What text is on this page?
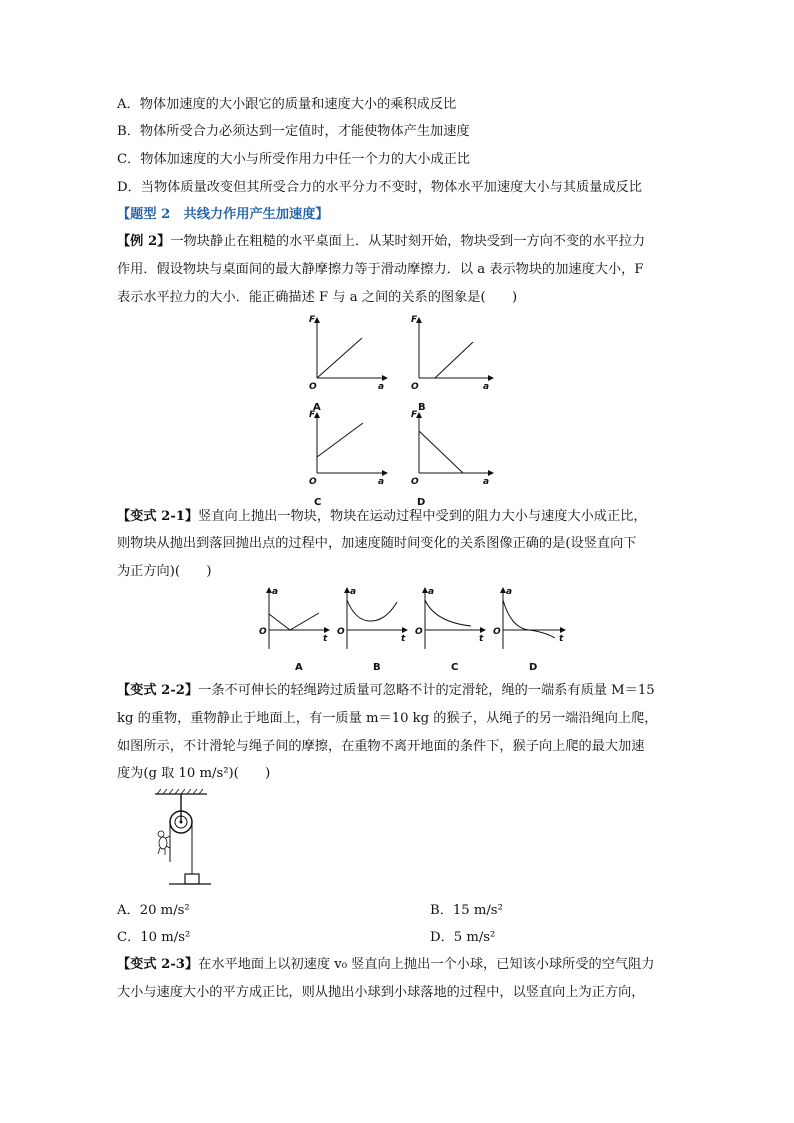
A．物体加速度的大小跟它的质量和速度大小的乘积成反比
B．物体所受合力必须达到一定值时，才能使物体产生加速度
C．物体加速度的大小与所受作用力中任一个力的大小成正比
D．当物体质量改变但其所受合力的水平分力不变时，物体水平加速度大小与其质量成反比
【题型 2　共线力作用产生加速度】
【例 2】一物块静止在粗糙的水平桌面上．从某时刻开始，物块受到一方向不变的水平拉力
作用．假设物块与桌面间的最大静摩擦力等于滑动摩擦力．以 a 表示物块的加速度大小，F
表示水平拉力的大小．能正确描述 F 与 a 之间的关系的图象是(　　)
F
a
O
A
F
a
O
B
F
a
O
C
F
a
O
D
【变式 2-1】竖直向上抛出一物块，物块在运动过程中受到的阻力大小与速度大小成正比，
则物块从抛出到落回抛出点的过程中，加速度随时间变化的关系图像正确的是(设竖直向下
为正方向)(　　)
a
t
O
A
a
t
O
B
a
t
O
C
a
t
O
D
【变式 2-2】一条不可伸长的轻绳跨过质量可忽略不计的定滑轮，绳的一端系有质量 M＝15
kg 的重物，重物静止于地面上，有一质量 m＝10 kg 的猴子，从绳子的另一端沿绳向上爬，
如图所示，不计滑轮与绳子间的摩擦，在重物不离开地面的条件下，猴子向上爬的最大加速
度为(g 取 10 m/s²)(　　)
A．20 m/s²	B．15 m/s²
C．10 m/s²	D．5 m/s²
【变式 2-3】在水平地面上以初速度 v₀ 竖直向上抛出一个小球，已知该小球所受的空气阻力
大小与速度大小的平方成正比，则从抛出小球到小球落地的过程中，以竖直向上为正方向，
